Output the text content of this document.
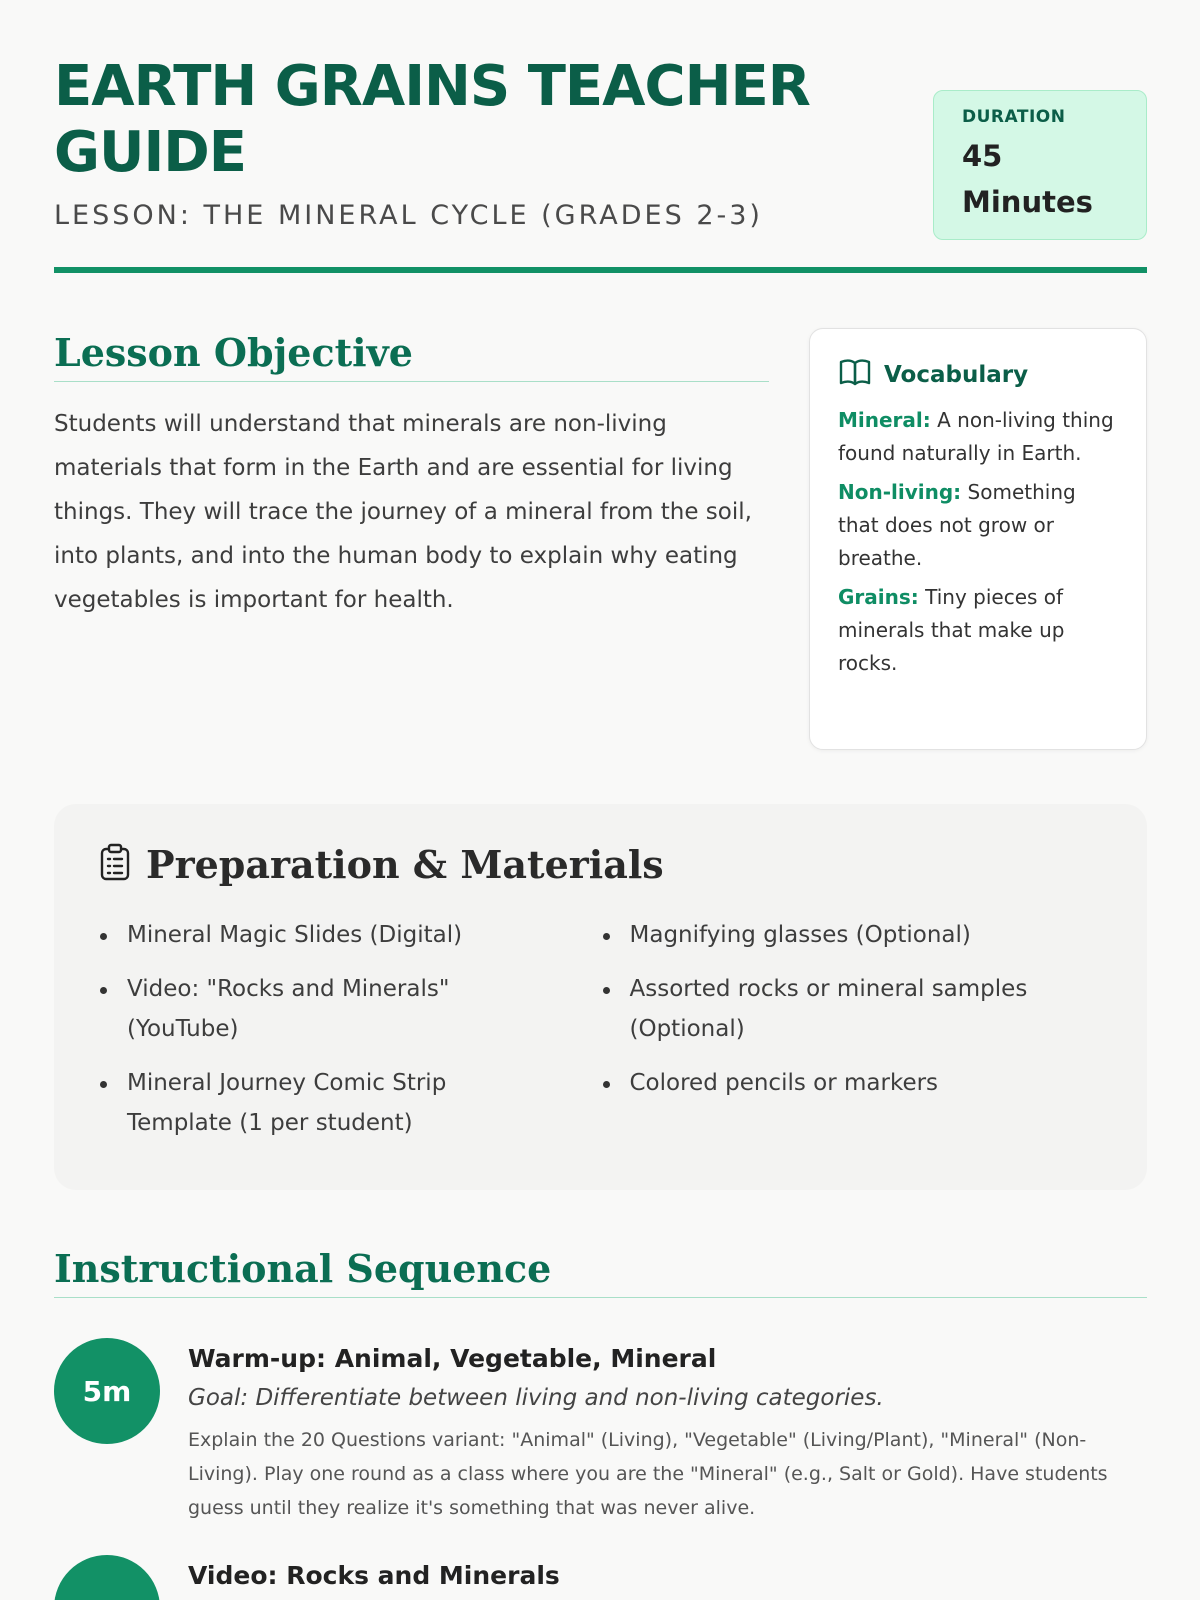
EARTH GRAINS TEACHER GUIDE
LESSON: THE MINERAL CYCLE (GRADES 2-3)
DURATION
45 Minutes
Lesson Objective

Students will understand that minerals are non-living materials that form in the Earth and are essential for living things. They will trace the journey of a mineral from the soil, into plants, and into the human body to explain why eating vegetables is important for health.

Vocabulary
Mineral: A non-living thing found naturally in Earth.
Non-living: Something that does not grow or breathe.
Grains: Tiny pieces of minerals that make up rocks.
Preparation & Materials
Mineral Magic Slides (Digital)
Video: "Rocks and Minerals" (YouTube)
Mineral Journey Comic Strip Template (1 per student)
Magnifying glasses (Optional)
Assorted rocks or mineral samples (Optional)
Colored pencils or markers
Instructional Sequence
5m
Warm-up: Animal, Vegetable, Mineral
Goal: Differentiate between living and non-living categories.
Explain the 20 Questions variant: "Animal" (Living), "Vegetable" (Living/Plant), "Mineral" (Non-Living). Play one round as a class where you are the "Mineral" (e.g., Salt or Gold). Have students guess until they realize it's something that was never alive.
Video: Rocks and Minerals
